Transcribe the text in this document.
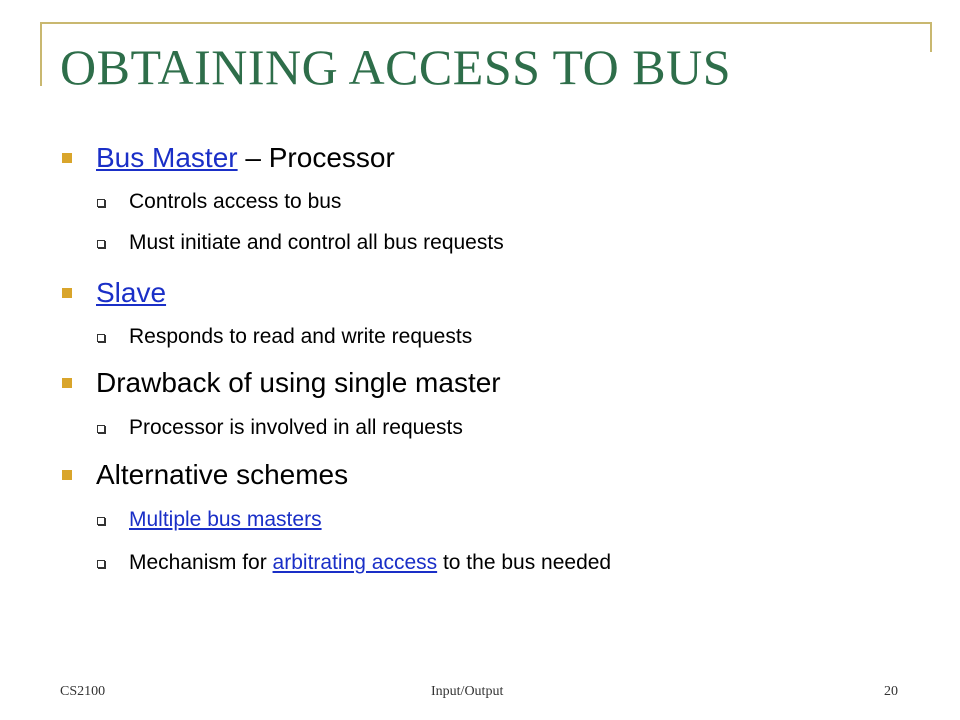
OBTAINING ACCESS TO BUS
Bus Master – Processor
Controls access to bus
Must initiate and control all bus requests
Slave
Responds to read and write requests
Drawback of using single master
Processor is involved in all requests
Alternative schemes
Multiple bus masters
Mechanism for arbitrating access to the bus needed
CS2100	Input/Output	20
